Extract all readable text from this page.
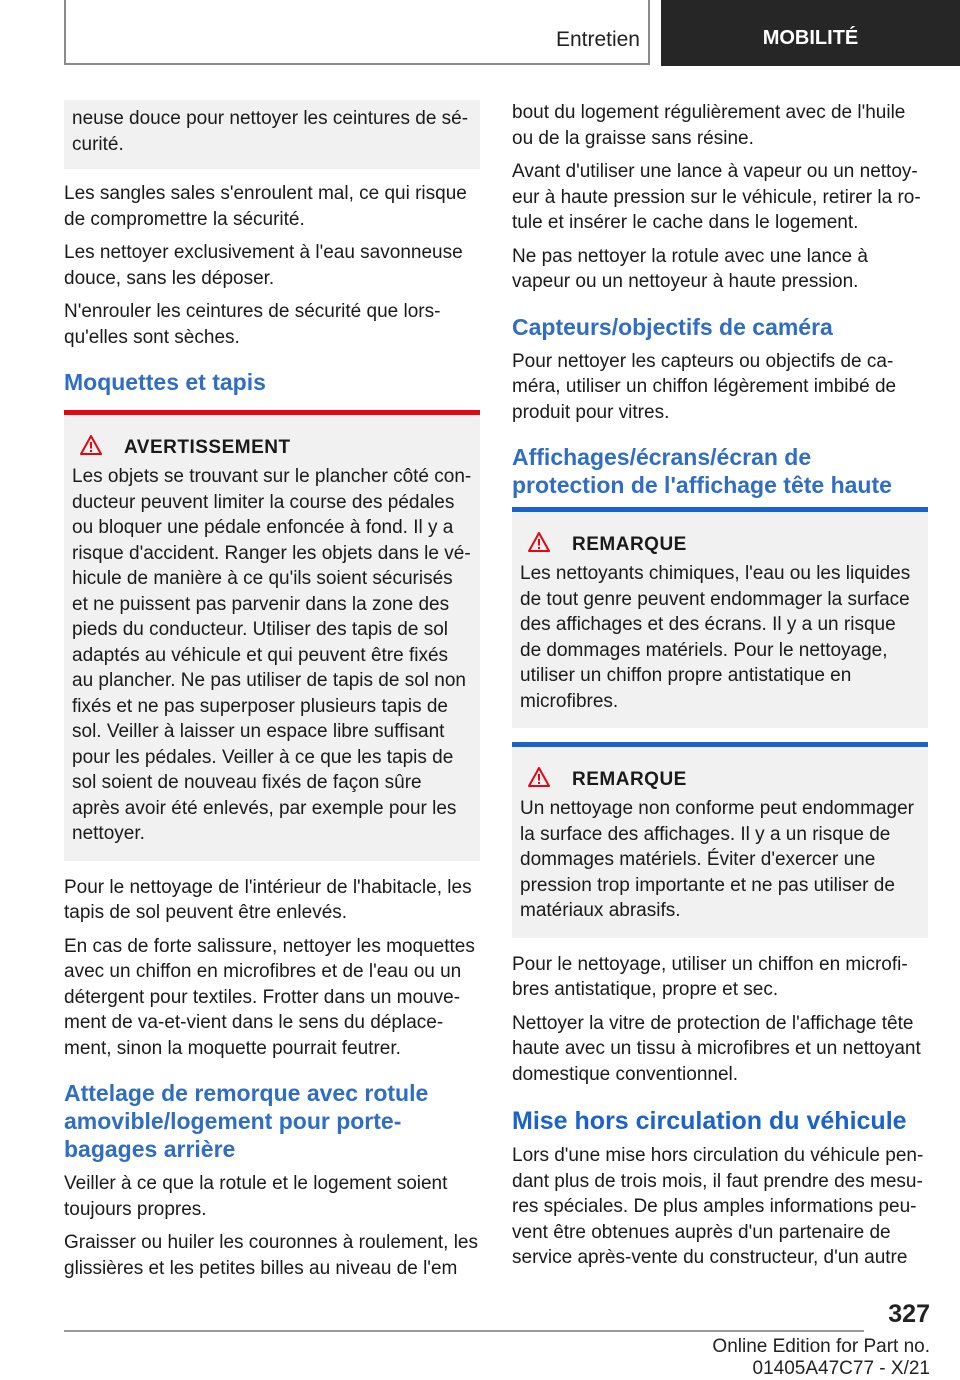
Entretien	MOBILITÉ

neuse douce pour nettoyer les ceintures de sécurité.

Les sangles sales s'enroulent mal, ce qui risque de compromettre la sécurité.

Les nettoyer exclusivement à l'eau savonneuse douce, sans les déposer.

N'enrouler les ceintures de sécurité que lorsqu'elles sont sèches.

Moquettes et tapis
AVERTISSEMENT

Les objets se trouvant sur le plancher côté conducteur peuvent limiter la course des pédales ou bloquer une pédale enfoncée à fond. Il y a risque d'accident. Ranger les objets dans le véhicule de manière à ce qu'ils soient sécurisés et ne puissent pas parvenir dans la zone des pieds du conducteur. Utiliser des tapis de sol adaptés au véhicule et qui peuvent être fixés au plancher. Ne pas utiliser de tapis de sol non fixés et ne pas superposer plusieurs tapis de sol. Veiller à laisser un espace libre suffisant pour les pédales. Veiller à ce que les tapis de sol soient de nouveau fixés de façon sûre après avoir été enlevés, par exemple pour les nettoyer.

Pour le nettoyage de l'intérieur de l'habitacle, les tapis de sol peuvent être enlevés.

En cas de forte salissure, nettoyer les moquettes avec un chiffon en microfibres et de l'eau ou un détergent pour textiles. Frotter dans un mouvement de va-et-vient dans le sens du déplacement, sinon la moquette pourrait feutrer.

Attelage de remorque avec rotule amovible/logement pour porte-bagages arrière

Veiller à ce que la rotule et le logement soient toujours propres.

Graisser ou huiler les couronnes à roulement, les glissières et les petites billes au niveau de l'em

bout du logement régulièrement avec de l'huile ou de la graisse sans résine.

Avant d'utiliser une lance à vapeur ou un nettoyeur à haute pression sur le véhicule, retirer la rotule et insérer le cache dans le logement.

Ne pas nettoyer la rotule avec une lance à vapeur ou un nettoyeur à haute pression.

Capteurs/objectifs de caméra

Pour nettoyer les capteurs ou objectifs de caméra, utiliser un chiffon légèrement imbibé de produit pour vitres.

Affichages/écrans/écran de protection de l'affichage tête haute
REMARQUE

Les nettoyants chimiques, l'eau ou les liquides de tout genre peuvent endommager la surface des affichages et des écrans. Il y a un risque de dommages matériels. Pour le nettoyage, utiliser un chiffon propre antistatique en microfibres.

REMARQUE

Un nettoyage non conforme peut endommager la surface des affichages. Il y a un risque de dommages matériels. Éviter d'exercer une pression trop importante et ne pas utiliser de matériaux abrasifs.

Pour le nettoyage, utiliser un chiffon en microfibres antistatique, propre et sec.

Nettoyer la vitre de protection de l'affichage tête haute avec un tissu à microfibres et un nettoyant domestique conventionnel.

Mise hors circulation du véhicule

Lors d'une mise hors circulation du véhicule pendant plus de trois mois, il faut prendre des mesures spéciales. De plus amples informations peuvent être obtenues auprès d'un partenaire de service après-vente du constructeur, d'un autre

327
Online Edition for Part no. 01405A47C77 - X/21
